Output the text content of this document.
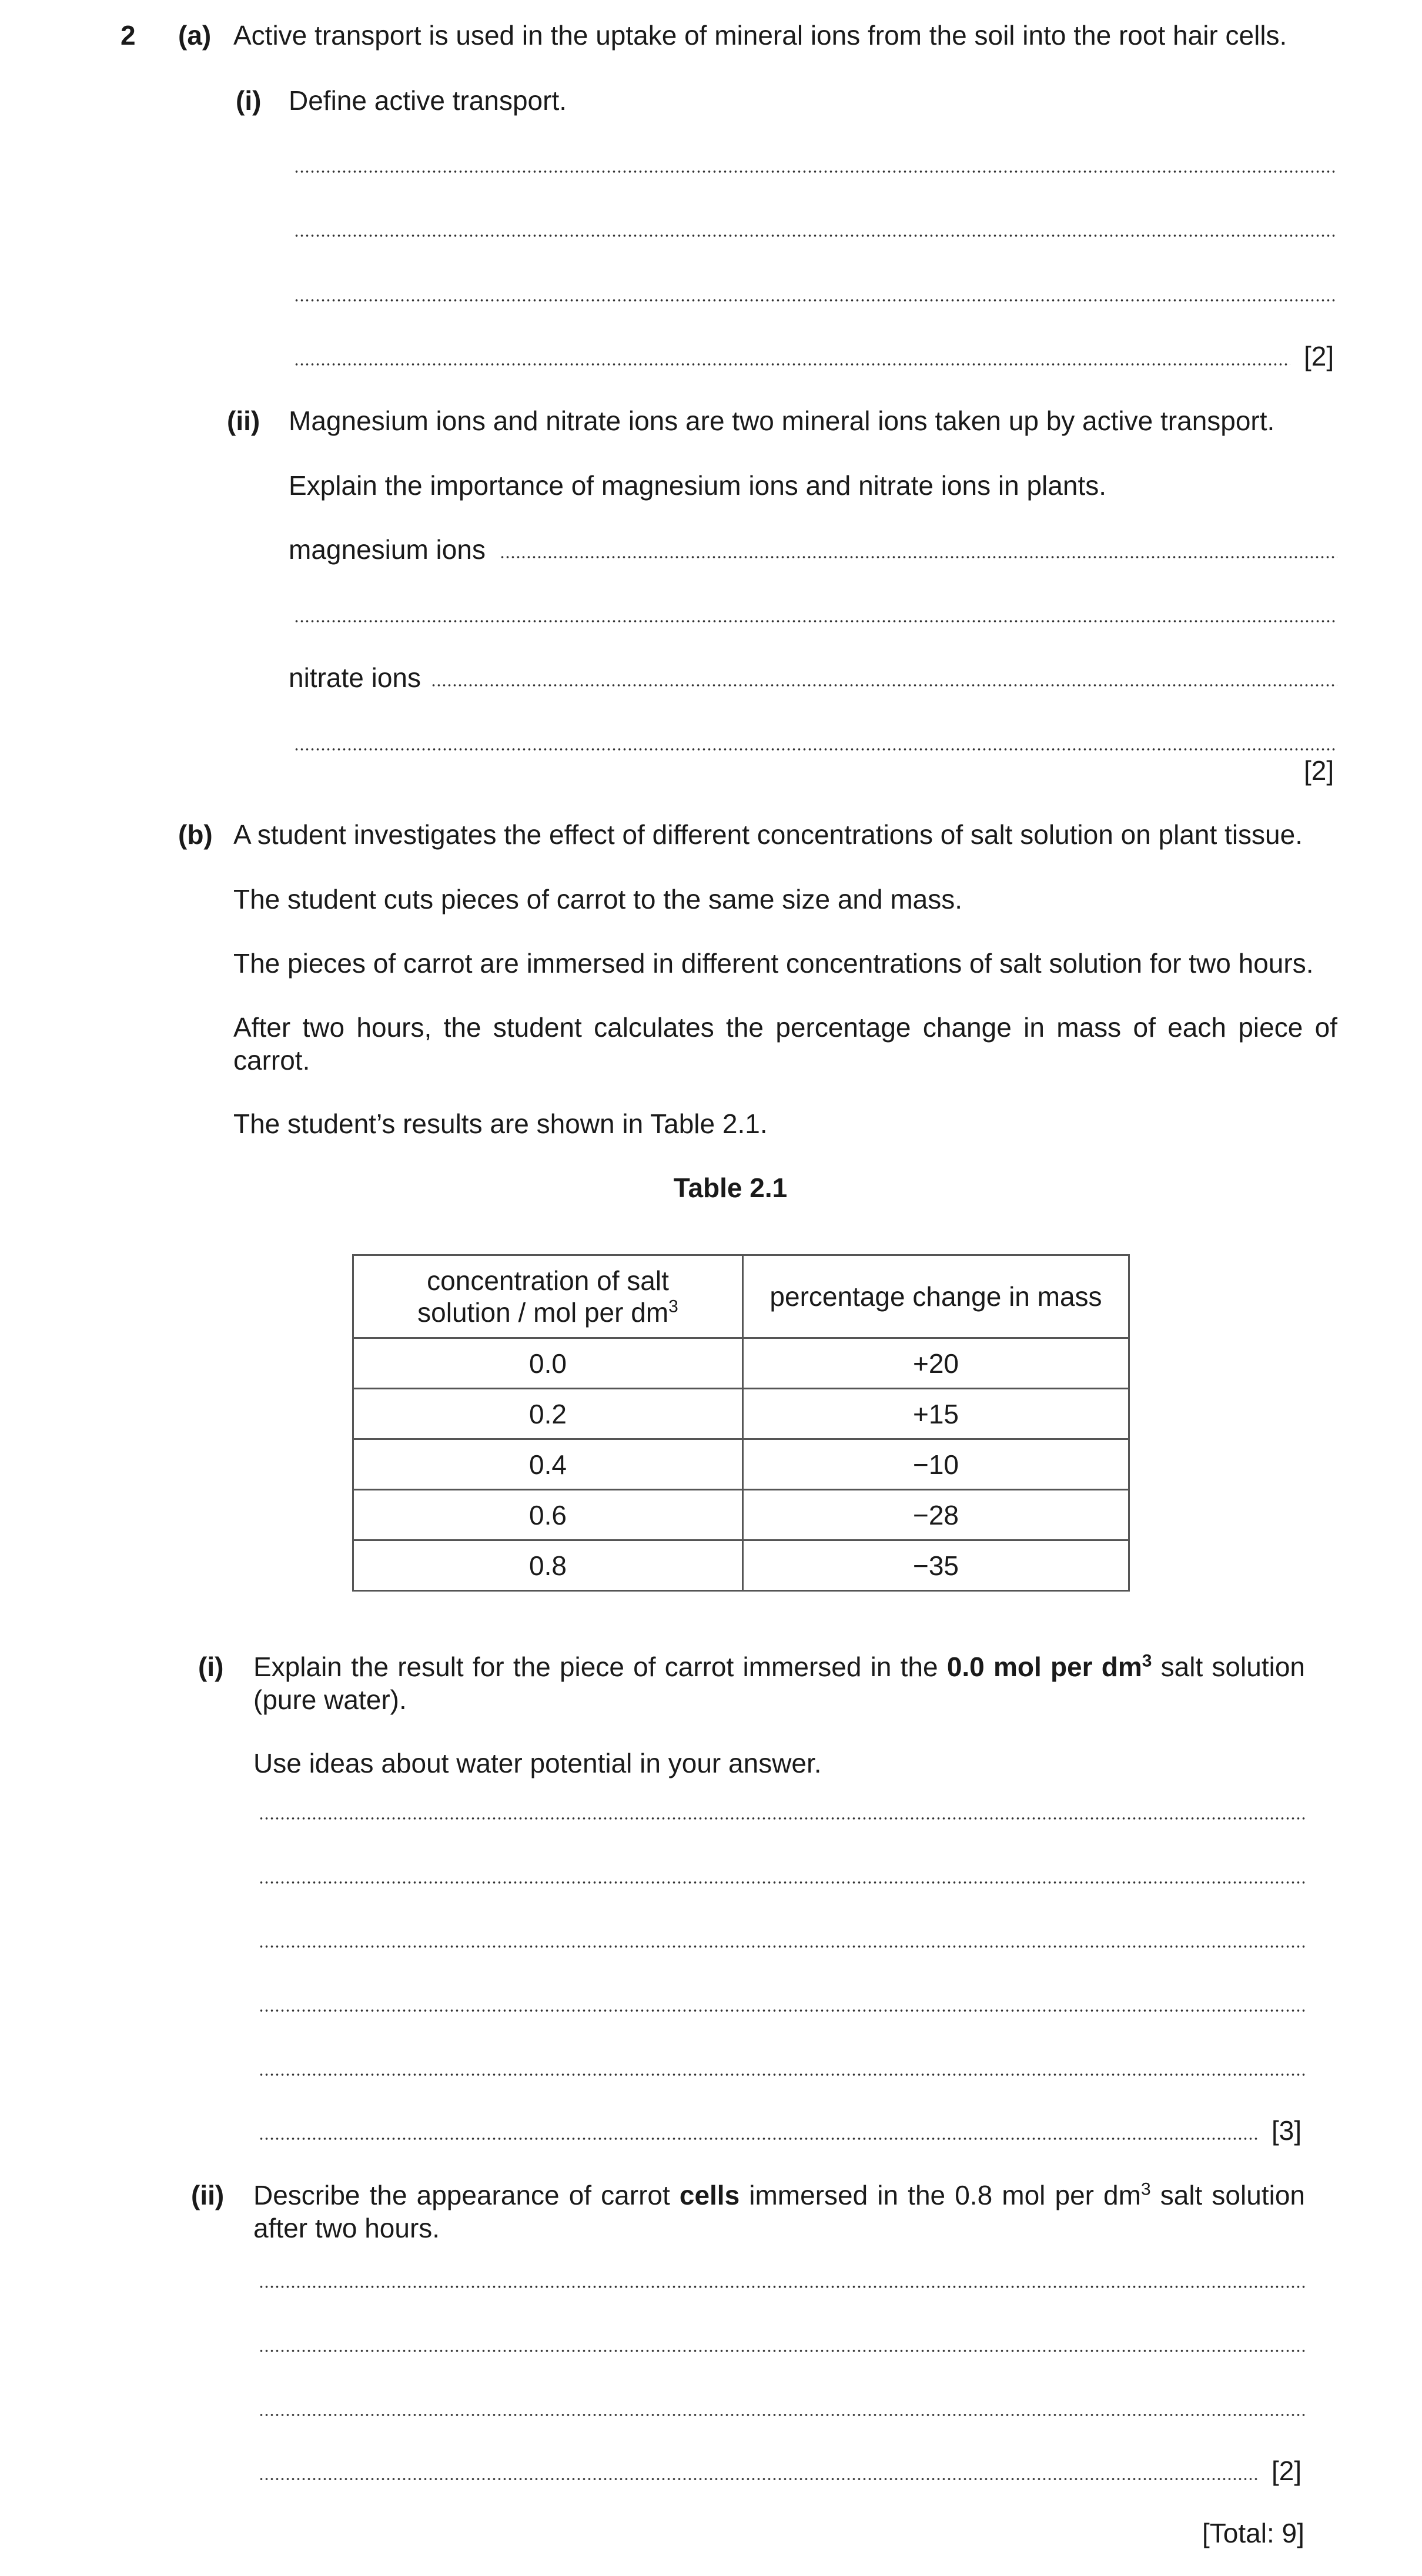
2 (a) Active transport is used in the uptake of mineral ions from the soil into the root hair cells.
(i) Define active transport.
[2]
(ii) Magnesium ions and nitrate ions are two mineral ions taken up by active transport.
Explain the importance of magnesium ions and nitrate ions in plants.
magnesium ions
nitrate ions
[2]
(b) A student investigates the effect of different concentrations of salt solution on plant tissue.
The student cuts pieces of carrot to the same size and mass.
The pieces of carrot are immersed in different concentrations of salt solution for two hours.
After two hours, the student calculates the percentage change in mass of each piece of carrot.
The student’s results are shown in Table 2.1.
Table 2.1
concentration of salt
solution / mol per $dm^3$	percentage change in mass
0.0	+20
0.2	+15
0.4	−10
0.6	−28
0.8	−35
(i) Explain the result for the piece of carrot immersed in the 0.0 mol per $dm^3$ salt solution (pure water).
Use ideas about water potential in your answer.
[3]
(ii) Describe the appearance of carrot cells immersed in the 0.8 mol per $dm^3$ salt solution after two hours.
[2]
[Total: 9]
